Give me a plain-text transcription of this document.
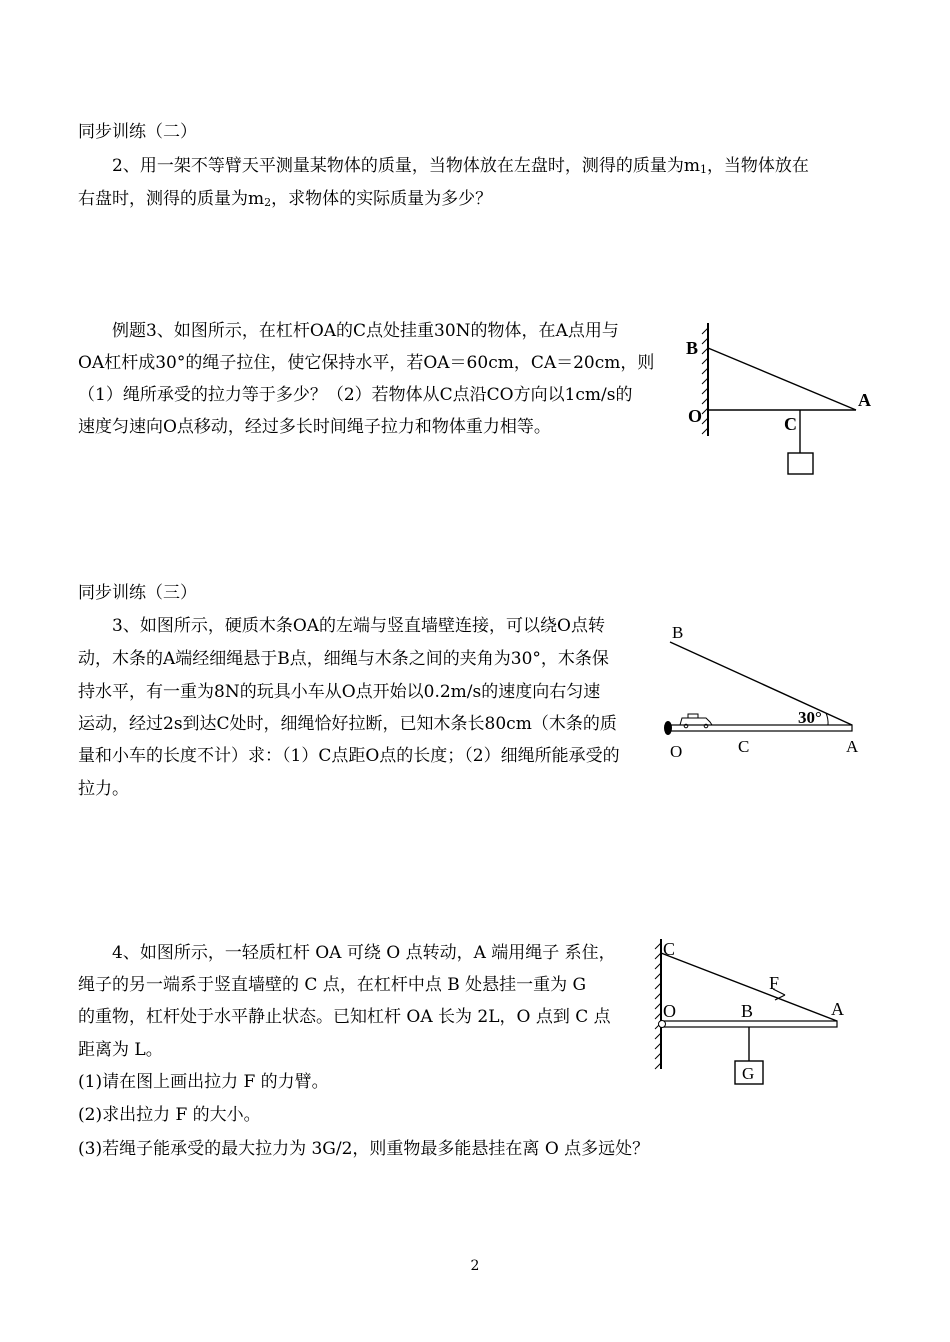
同步训练（二）

2、用一架不等臂天平测量某物体的质量，当物体放在左盘时，测得的质量为$m_1$，当物体放在

右盘时，测得的质量为$m_2$，求物体的实际质量为多少？

例题3、如图所示，在杠杆OA的C点处挂重30N的物体，在A点用与

OA杠杆成30°的绳子拉住，使它保持水平，若OA＝60cm，CA＝20cm，则

（1）绳所承受的拉力等于多少？（2）若物体从C点沿CO方向以1cm/s的

速度匀速向O点移动，经过多长时间绳子拉力和物体重力相等。

B
O	C
A

同步训练（三）

3、如图所示，硬质木条OA的左端与竖直墙壁连接，可以绕O点转

动，木条的A端经细绳悬于B点，细绳与木条之间的夹角为30°，木条保

持水平，有一重为8N的玩具小车从O点开始以0.2m/s的速度向右匀速

运动，经过2s到达C处时，细绳恰好拉断，已知木条长80cm（木条的质

量和小车的长度不计）求：（1）C点距O点的长度；（2）细绳所能承受的

拉力。

B
30°
O	C	A

4、如图所示，一轻质杠杆 OA 可绕 O 点转动，A 端用绳子 系住，

绳子的另一端系于竖直墙壁的 C 点，在杠杆中点 B 处悬挂一重为 G

的重物，杠杆处于水平静止状态。已知杠杆 OA 长为 2L，O 点到 C 点

距离为 L。

(1)请在图上画出拉力 F 的力臂。

(2)求出拉力 F 的大小。

(3)若绳子能承受的最大拉力为 3G/2，则重物最多能悬挂在离 O 点多远处？

C
F
O	B	A
G
2
